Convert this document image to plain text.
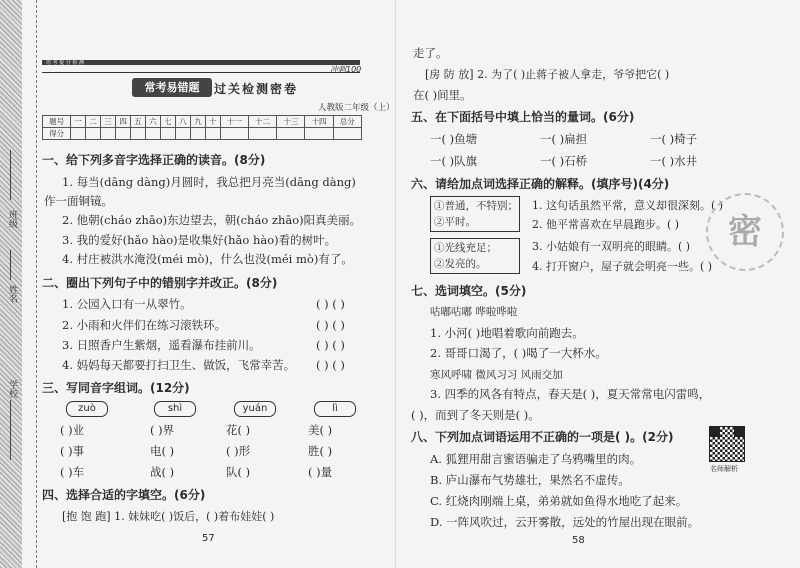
班级
姓名
学校
培 考 提 分 检 测
冲刺100
常考易错题	过关检测密卷
人教版二年级（上）
题号	一	二	三	四	五	六	七	八	九	十	十一	十二	十三	十四	总分
得分															
一、给下列多音字选择正确的读音。(8分)
1. 每当(dāng dàng)月圆时，我总把月亮当(dāng dàng)
作一面铜镜。
2. 他朝(cháo zhāo)东边望去，朝(cháo zhāo)阳真美丽。
3. 我的爱好(hǎo hào)是收集好(hǎo hào)看的树叶。
4. 村庄被洪水淹没(méi mò)，什么也没(méi mò)有了。
二、圈出下列句子中的错别字并改正。(8分)
1. 公园入口有一从翠竹。	( ) ( )
2. 小雨和火伴们在练习滚铁环。	( ) ( )
3. 日照香户生紫烟，遥看瀑布挂前川。	( ) ( )
4. 妈妈每天都要打扫卫生、做饭，飞常幸苦。 ( ) ( )
三、写同音字组词。(12分)
zuò	shì	yuán	lì
( )业	( )界	花( )	美( )
( )事	电( )	( )形	胜( )
( )车	战( )	队( )	( )量
四、选择合适的字填空。(6分)
[抱 饱 跑] 1. 妹妹吃( )饭后，( )着布娃娃( )
57
走了。
[房 防 放] 2. 为了( )止蒋子被人拿走，爷爷把它( )
在( )间里。
五、在下面括号中填上恰当的量词。(6分)
一( )鱼塘	一( )扁担	一( )椅子
一( )队旗	一( )石桥	一( )水井
六、请给加点词选择正确的解释。(填序号)(4分)
①普通，不特别；
②平时。
①光线充足；
②发亮的。
1. 这句话虽然平常，意义却很深刻。( )
2. 他平常喜欢在早晨跑步。( )
3. 小姑娘有一双明亮的眼睛。( )
4. 打开窗户，屋子就会明亮一些。( )
密
七、选词填空。(5分)
咕嘟咕嘟 哗啦哗啦
1. 小河( )地唱着歌向前跑去。
2. 哥哥口渴了，( )喝了一大杯水。
寒风呼啸 微风习习 风雨交加
3. 四季的风各有特点，春天是( )，夏天常常电闪雷鸣，
( )，而到了冬天则是( )。
八、下列加点词语运用不正确的一项是( )。(2分)
A. 狐狸用甜言蜜语骗走了乌鸦嘴里的肉。
B. 庐山瀑布气势雄壮，果然名不虚传。
C. 红烧肉刚端上桌，弟弟就如鱼得水地吃了起来。
D. 一阵风吹过，云开雾散，远处的竹屋出现在眼前。
名师解析
58
